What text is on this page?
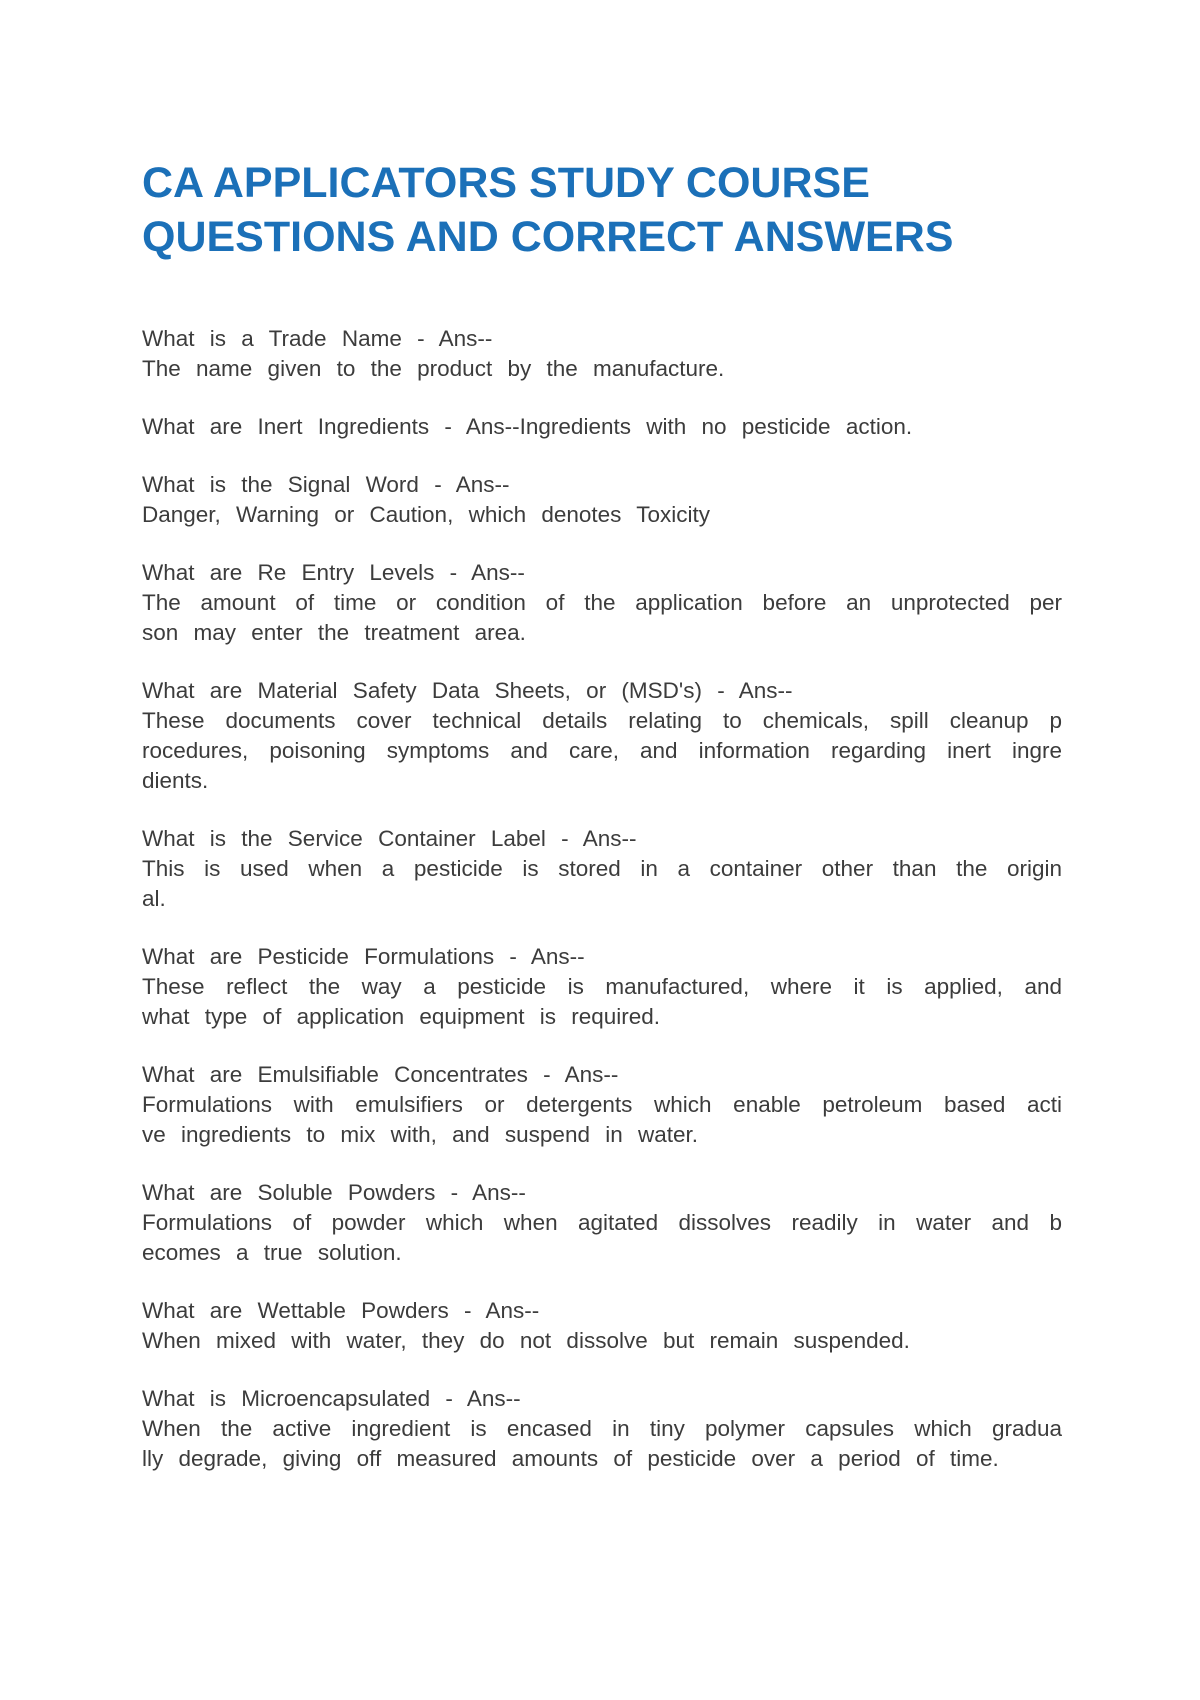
CA APPLICATORS STUDY COURSE
QUESTIONS AND CORRECT ANSWERS
What is a Trade Name - Ans--
The name given to the product by the manufacture.
What are Inert Ingredients - Ans--Ingredients with no pesticide action.
What is the Signal Word - Ans--
Danger, Warning or Caution, which denotes Toxicity
What are Re Entry Levels - Ans--
The amount of time or condition of the application before an unprotected per
son may enter the treatment area.
What are Material Safety Data Sheets, or (MSD's) - Ans--
These documents cover technical details relating to chemicals, spill cleanup p
rocedures, poisoning symptoms and care, and information regarding inert ingre
dients.
What is the Service Container Label - Ans--
This is used when a pesticide is stored in a container other than the origin
al.
What are Pesticide Formulations - Ans--
These reflect the way a pesticide is manufactured, where it is applied, and
what type of application equipment is required.
What are Emulsifiable Concentrates - Ans--
Formulations with emulsifiers or detergents which enable petroleum based acti
ve ingredients to mix with, and suspend in water.
What are Soluble Powders - Ans--
Formulations of powder which when agitated dissolves readily in water and b
ecomes a true solution.
What are Wettable Powders - Ans--
When mixed with water, they do not dissolve but remain suspended.
What is Microencapsulated - Ans--
When the active ingredient is encased in tiny polymer capsules which gradua
lly degrade, giving off measured amounts of pesticide over a period of time.
